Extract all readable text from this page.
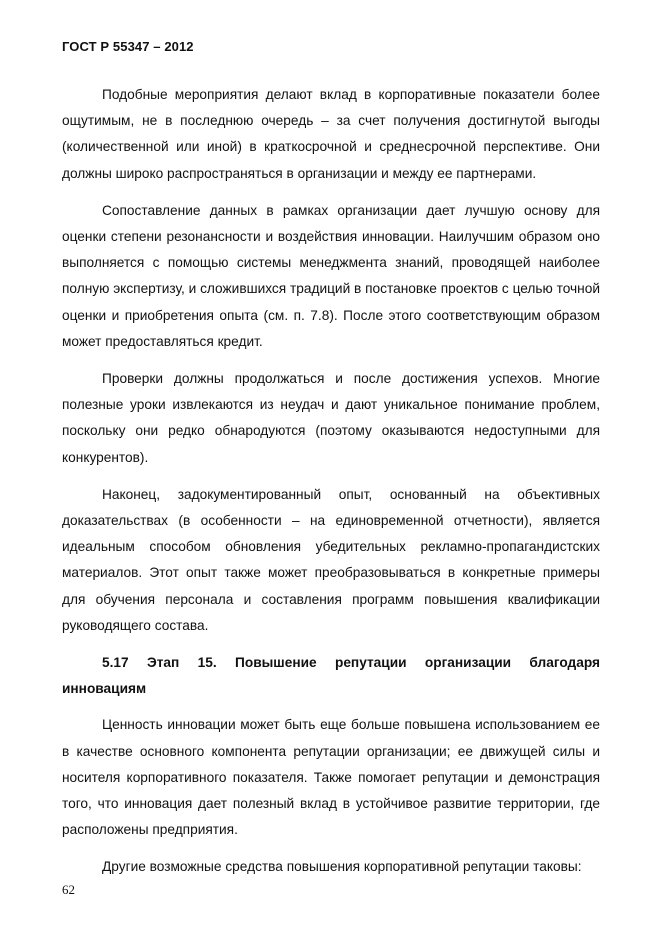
ГОСТ Р 55347 – 2012

Подобные мероприятия делают вклад в корпоративные показатели более ощутимым, не в последнюю очередь – за счет получения достигнутой выгоды (количественной или иной) в краткосрочной и среднесрочной перспективе. Они должны широко распространяться в организации и между ее партнерами.

Сопоставление данных в рамках организации дает лучшую основу для оценки степени резонансности и воздействия инновации. Наилучшим образом оно выполняется с помощью системы менеджмента знаний, проводящей наиболее полную экспертизу, и сложившихся традиций в постановке проектов с целью точной оценки и приобретения опыта (см. п. 7.8). После этого соответствующим образом может предоставляться кредит.

Проверки должны продолжаться и после достижения успехов. Многие полезные уроки извлекаются из неудач и дают уникальное понимание проблем, поскольку они редко обнародуются (поэтому оказываются недоступными для конкурентов).

Наконец, задокументированный опыт, основанный на объективных доказательствах (в особенности – на единовременной отчетности), является идеальным способом обновления убедительных рекламно-пропагандистских материалов. Этот опыт также может преобразовываться в конкретные примеры для обучения персонала и составления программ повышения квалификации руководящего состава.

5.17 Этап 15. Повышение репутации организации благодаря инновациям

Ценность инновации может быть еще больше повышена использованием ее в качестве основного компонента репутации организации; ее движущей силы и носителя корпоративного показателя. Также помогает репутации и демонстрация того, что инновация дает полезный вклад в устойчивое развитие территории, где расположены предприятия.

Другие возможные средства повышения корпоративной репутации таковы:

62
